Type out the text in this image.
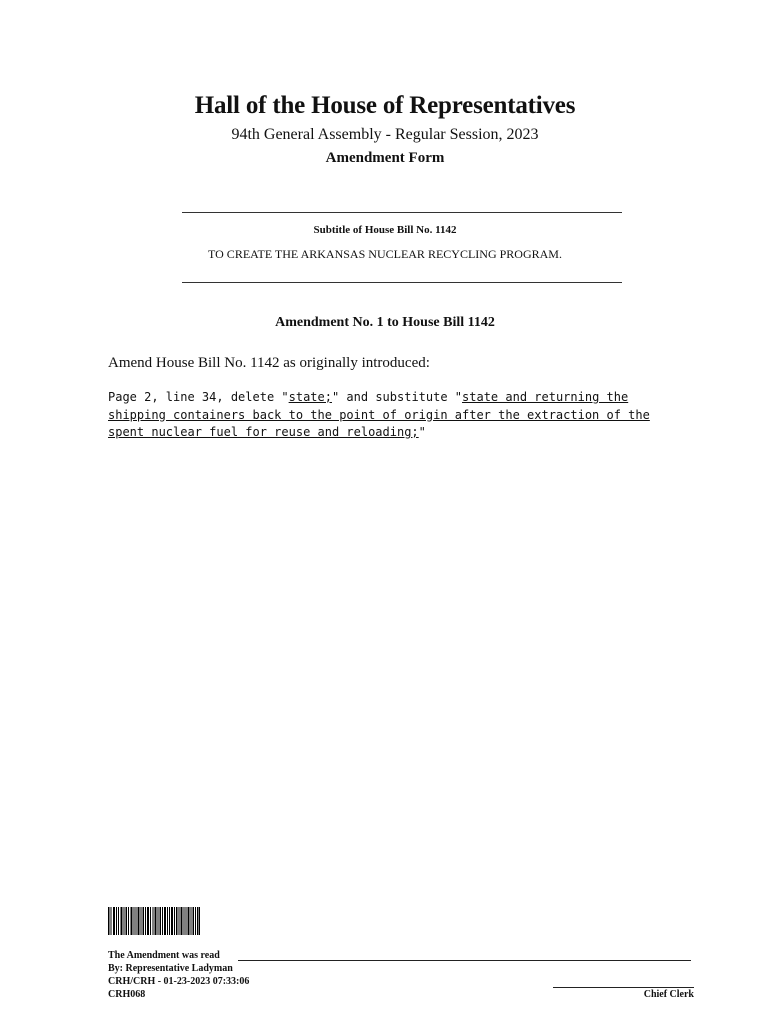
Hall of the House of Representatives
94th General Assembly - Regular Session, 2023
Amendment Form
Subtitle of House Bill No. 1142
TO CREATE THE ARKANSAS NUCLEAR RECYCLING PROGRAM.
Amendment No. 1 to House Bill 1142
Amend House Bill No. 1142 as originally introduced:
Page 2, line 34, delete "state;" and substitute "state and returning the
shipping containers back to the point of origin after the extraction of the
spent nuclear fuel for reuse and reloading;"
The Amendment was read
By: Representative Ladyman
CRH/CRH - 01-23-2023 07:33:06
CRH068	Chief Clerk
